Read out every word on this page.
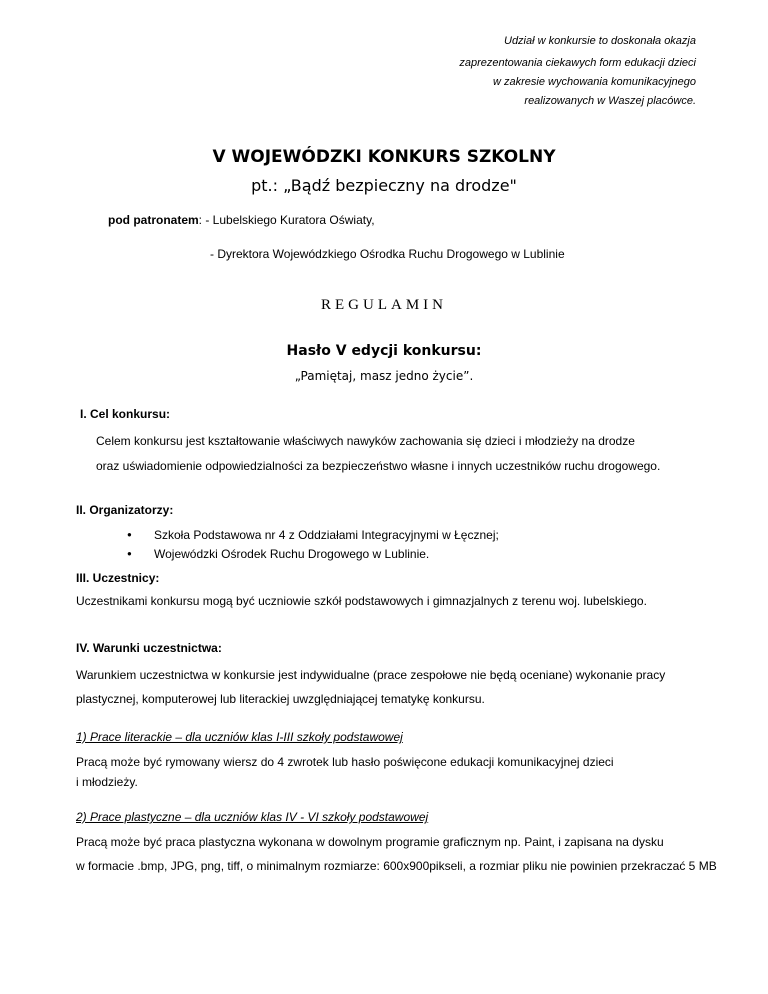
Udział w konkursie to doskonała okazja
zaprezentowania ciekawych form edukacji dzieci
w zakresie wychowania komunikacyjnego
realizowanych w Waszej placówce.
V WOJEWÓDZKI KONKURS SZKOLNY
pt.: „Bądź bezpieczny na drodze"
pod patronatem: - Lubelskiego Kuratora Oświaty,
- Dyrektora Wojewódzkiego Ośrodka Ruchu Drogowego w Lublinie
REGULAMIN
Hasło V edycji konkursu:
„Pamiętaj, masz jedno życie”.
I. Cel konkursu:
Celem konkursu jest kształtowanie właściwych nawyków zachowania się dzieci i młodzieży na drodze
oraz uświadomienie odpowiedzialności za bezpieczeństwo własne i innych uczestników ruchu drogowego.
II. Organizatorzy:
● Szkoła Podstawowa nr 4 z Oddziałami Integracyjnymi w Łęcznej;
● Wojewódzki Ośrodek Ruchu Drogowego w Lublinie.
III. Uczestnicy:
Uczestnikami konkursu mogą być uczniowie szkół podstawowych i gimnazjalnych z terenu woj. lubelskiego.
IV. Warunki uczestnictwa:
Warunkiem uczestnictwa w konkursie jest indywidualne (prace zespołowe nie będą oceniane) wykonanie pracy
plastycznej, komputerowej lub literackiej uwzględniającej tematykę konkursu.
1) Prace literackie – dla uczniów klas I-III szkoły podstawowej
Pracą może być rymowany wiersz do 4 zwrotek lub hasło poświęcone edukacji komunikacyjnej dzieci
i młodzieży.
2) Prace plastyczne – dla uczniów klas IV - VI szkoły podstawowej
Pracą może być praca plastyczna wykonana w dowolnym programie graficznym np. Paint, i zapisana na dysku
w formacie .bmp, JPG, png, tiff, o minimalnym rozmiarze: 600x900pikseli, a rozmiar pliku nie powinien przekraczać 5 MB
